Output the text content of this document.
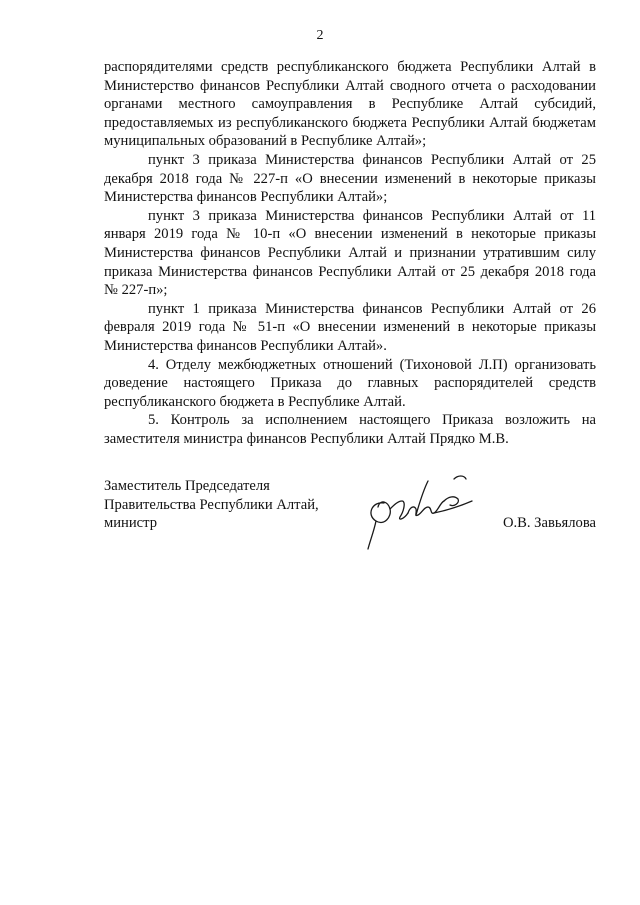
2

распорядителями средств республиканского бюджета Республики Алтай в Министерство финансов Республики Алтай сводного отчета о расходовании органами местного самоуправления в Республике Алтай субсидий, предоставляемых из республиканского бюджета Республики Алтай бюджетам муниципальных образований в Республике Алтай»;

пункт 3 приказа Министерства финансов Республики Алтай от 25 декабря 2018 года № 227-п «О внесении изменений в некоторые приказы Министерства финансов Республики Алтай»;

пункт 3 приказа Министерства финансов Республики Алтай от 11 января 2019 года № 10-п «О внесении изменений в некоторые приказы Министерства финансов Республики Алтай и признании утратившим силу приказа Министерства финансов Республики Алтай от 25 декабря 2018 года № 227-п»;

пункт 1 приказа Министерства финансов Республики Алтай от 26 февраля 2019 года № 51-п «О внесении изменений в некоторые приказы Министерства финансов Республики Алтай».

4. Отделу межбюджетных отношений (Тихоновой Л.П) организовать доведение настоящего Приказа до главных распорядителей средств республиканского бюджета в Республике Алтай.

5. Контроль за исполнением настоящего Приказа возложить на заместителя министра финансов Республики Алтай Прядко М.В.

Заместитель Председателя
Правительства Республики Алтай,
министр	О.В. Завьялова
